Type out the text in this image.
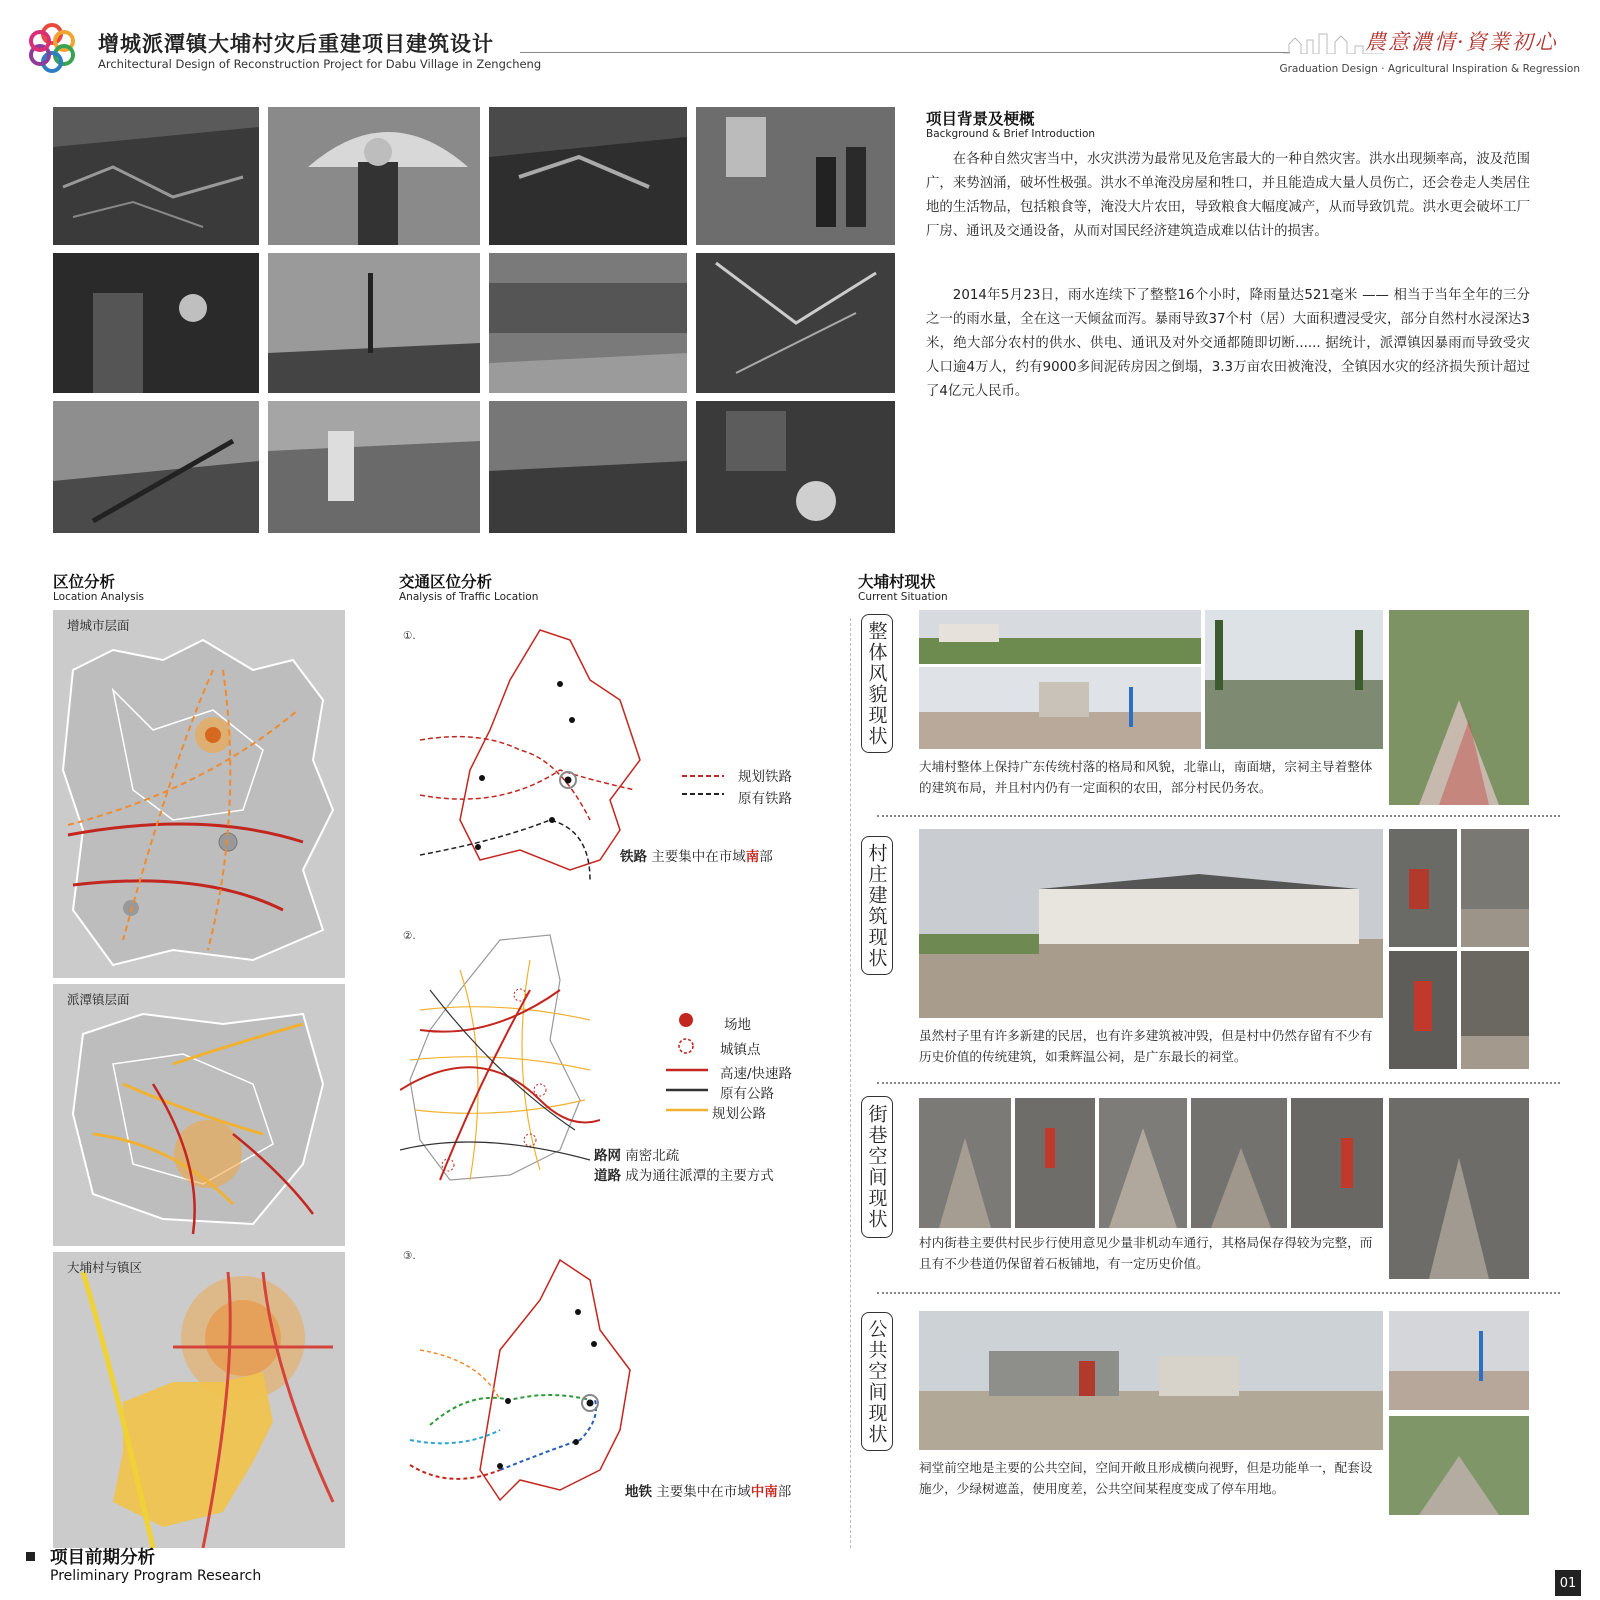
增城派潭镇大埔村灾后重建项目建筑设计
Architectural Design of Reconstruction Project for Dabu Village in Zengcheng
農意濃情·資業初心
Graduation Design · Agricultural Inspiration & Regression
项目背景及梗概
Background & Brief Introduction
在各种自然灾害当中，水灾洪涝为最常见及危害最大的一种自然灾害。洪水出现频率高，波及范围广，来势汹涌，破坏性极强。洪水不单淹没房屋和牲口，并且能造成大量人员伤亡，还会卷走人类居住地的生活物品，包括粮食等，淹没大片农田，导致粮食大幅度减产，从而导致饥荒。洪水更会破坏工厂厂房、通讯及交通设备，从而对国民经济建筑造成难以估计的损害。
2014年5月23日，雨水连续下了整整16个小时，降雨量达521毫米 —— 相当于当年全年的三分之一的雨水量，全在这一天倾盆而泻。暴雨导致37个村（居）大面积遭浸受灾，部分自然村水浸深达3米，绝大部分农村的供水、供电、通讯及对外交通都随即切断...... 据统计，派潭镇因暴雨而导致受灾人口逾4万人，约有9000多间泥砖房因之倒塌，3.3万亩农田被淹没，全镇因水灾的经济损失预计超过了4亿元人民币。
区位分析
Location Analysis
增城市层面
派潭镇层面
大埔村与镇区
交通区位分析
Analysis of Traffic Location
①.
规划铁路
原有铁路
铁路 主要集中在市域南部
②.
场地
城镇点
高速/快速路
原有公路
规划公路
路网 南密北疏
道路 成为通往派潭的主要方式
③.
地铁 主要集中在市域中南部
大埔村现状
Current Situation
整体风貌现状
大埔村整体上保持广东传统村落的格局和风貌，北靠山，南面塘，宗祠主导着整体的建筑布局，并且村内仍有一定面积的农田，部分村民仍务农。
村庄建筑现状
虽然村子里有许多新建的民居，也有许多建筑被冲毁，但是村中仍然存留有不少有历史价值的传统建筑，如秉辉温公祠，是广东最长的祠堂。
街巷空间现状
村内街巷主要供村民步行使用意见少量非机动车通行，其格局保存得较为完整，而且有不少巷道仍保留着石板铺地，有一定历史价值。
公共空间现状
祠堂前空地是主要的公共空间，空间开敞且形成横向视野，但是功能单一，配套设施少，少绿树遮盖，使用度差，公共空间某程度变成了停车用地。
项目前期分析
Preliminary Program Research	01
